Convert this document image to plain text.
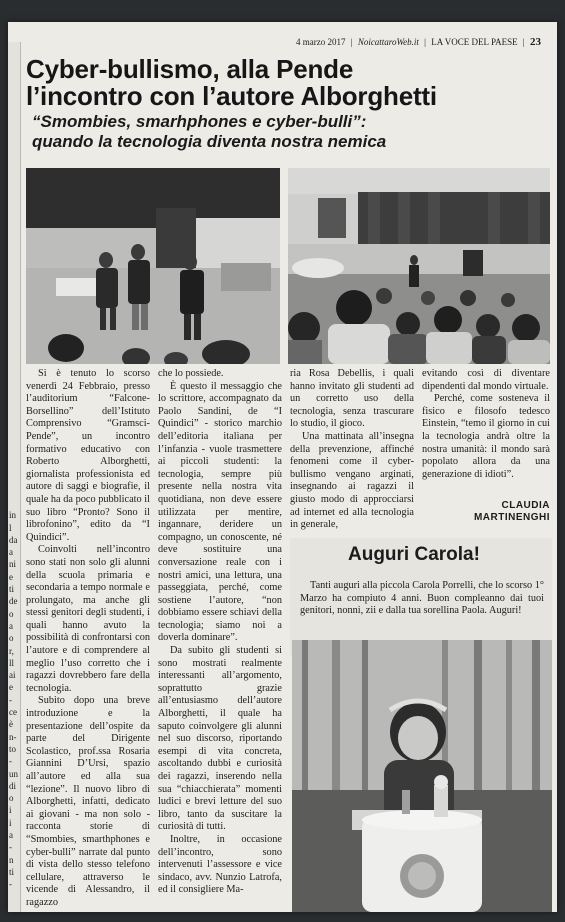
in
l
da
a
ni
e
ti
de
o
a
o
r,
ll
ai
e
-
ce
è
n-
to
-
un
di
o
i
i
a
-
n
ti
-

4 marzo 2017 | NoicattaroWeb.it | LA VOCE DEL PAESE | 23
Cyber-bullismo, alla Pende
l’incontro con l’autore Alborghetti
“Smombies, smarhphones e cyber-bulli”:
quando la tecnologia diventa nostra nemica

Si è tenuto lo scorso venerdì 24 Febbraio, presso l’auditorium “Falcone-Borsellino” dell’Istituto Comprensivo “Gramsci-Pende”, un incontro formativo educativo con Roberto Alborghetti, giornalista professionista ed autore di saggi e biografie, il quale ha da poco pubblicato il suo libro “Pronto? Sono il librofonino”, edito da “I Quindici”.

Coinvolti nell’incontro sono stati non solo gli alunni della scuola primaria e secondaria a tempo normale e prolungato, ma anche gli stessi genitori degli studenti, i quali hanno avuto la possibilità di confrontarsi con l’autore e di comprendere al meglio l’uso corretto che i ragazzi dovrebbero fare della tecnologia.

Subito dopo una breve introduzione e la presentazione dell’ospite da parte del Dirigente Scolastico, prof.ssa Rosaria Giannini D’Ursi, spazio all’autore ed alla sua “lezione”. Il nuovo libro di Alborghetti, infatti, dedicato ai giovani - ma non solo - racconta storie di “Smombies, smarthphones e cyber-bulli” narrate dal punto di vista dello stesso telefono cellulare, attraverso le vicende di Alessandro, il ragazzo

che lo possiede.

È questo il messaggio che lo scrittore, accompagnato da Paolo Sandini, de “I Quindici” - storico marchio dell’editoria italiana per l’infanzia - vuole trasmettere ai piccoli studenti: la tecnologia, sempre più presente nella nostra vita quotidiana, non deve essere utilizzata per mentire, ingannare, deridere un compagno, un conoscente, né deve sostituire una conversazione reale con i nostri amici, una lettura, una passeggiata, perché, come sostiene l’autore, “non dobbiamo essere schiavi della tecnologia; siamo noi a doverla dominare”.

Da subito gli studenti si sono mostrati realmente interessanti all’argomento, soprattutto grazie all’entusiasmo dell’autore Alborghetti, il quale ha saputo coinvolgere gli alunni nel suo discorso, riportando esempi di vita concreta, ascoltando dubbi e curiosità dei ragazzi, inserendo nella sua “chiacchierata” momenti ludici e brevi letture del suo libro, tanto da suscitare la curiosità di tutti.

Inoltre, in occasione dell’incontro, sono intervenuti l’assessore e vice sindaco, avv. Nunzio Latrofa, ed il consigliere Ma-

ria Rosa Debellis, i quali hanno invitato gli studenti ad un corretto uso della tecnologia, senza trascurare lo studio, il gioco.

Una mattinata all’insegna della prevenzione, affinché fenomeni come il cyber-bullismo vengano arginati, insegnando ai ragazzi il giusto modo di approcciarsi ad internet ed alla tecnologia in generale,

evitando così di diventare dipendenti dal mondo virtuale.

Perché, come sosteneva il fisico e filosofo tedesco Einstein, “temo il giorno in cui la tecnologia andrà oltre la nostra umanità: il mondo sarà popolato allora da una generazione di idioti”.

CLAUDIA
MARTINENGHI
Auguri Carola!
Tanti auguri alla piccola Carola Porrelli, che lo scorso 1° Marzo ha compiuto 4 anni. Buon compleanno dai tuoi genitori, nonni, zii e dalla tua sorellina Paola. Auguri!
